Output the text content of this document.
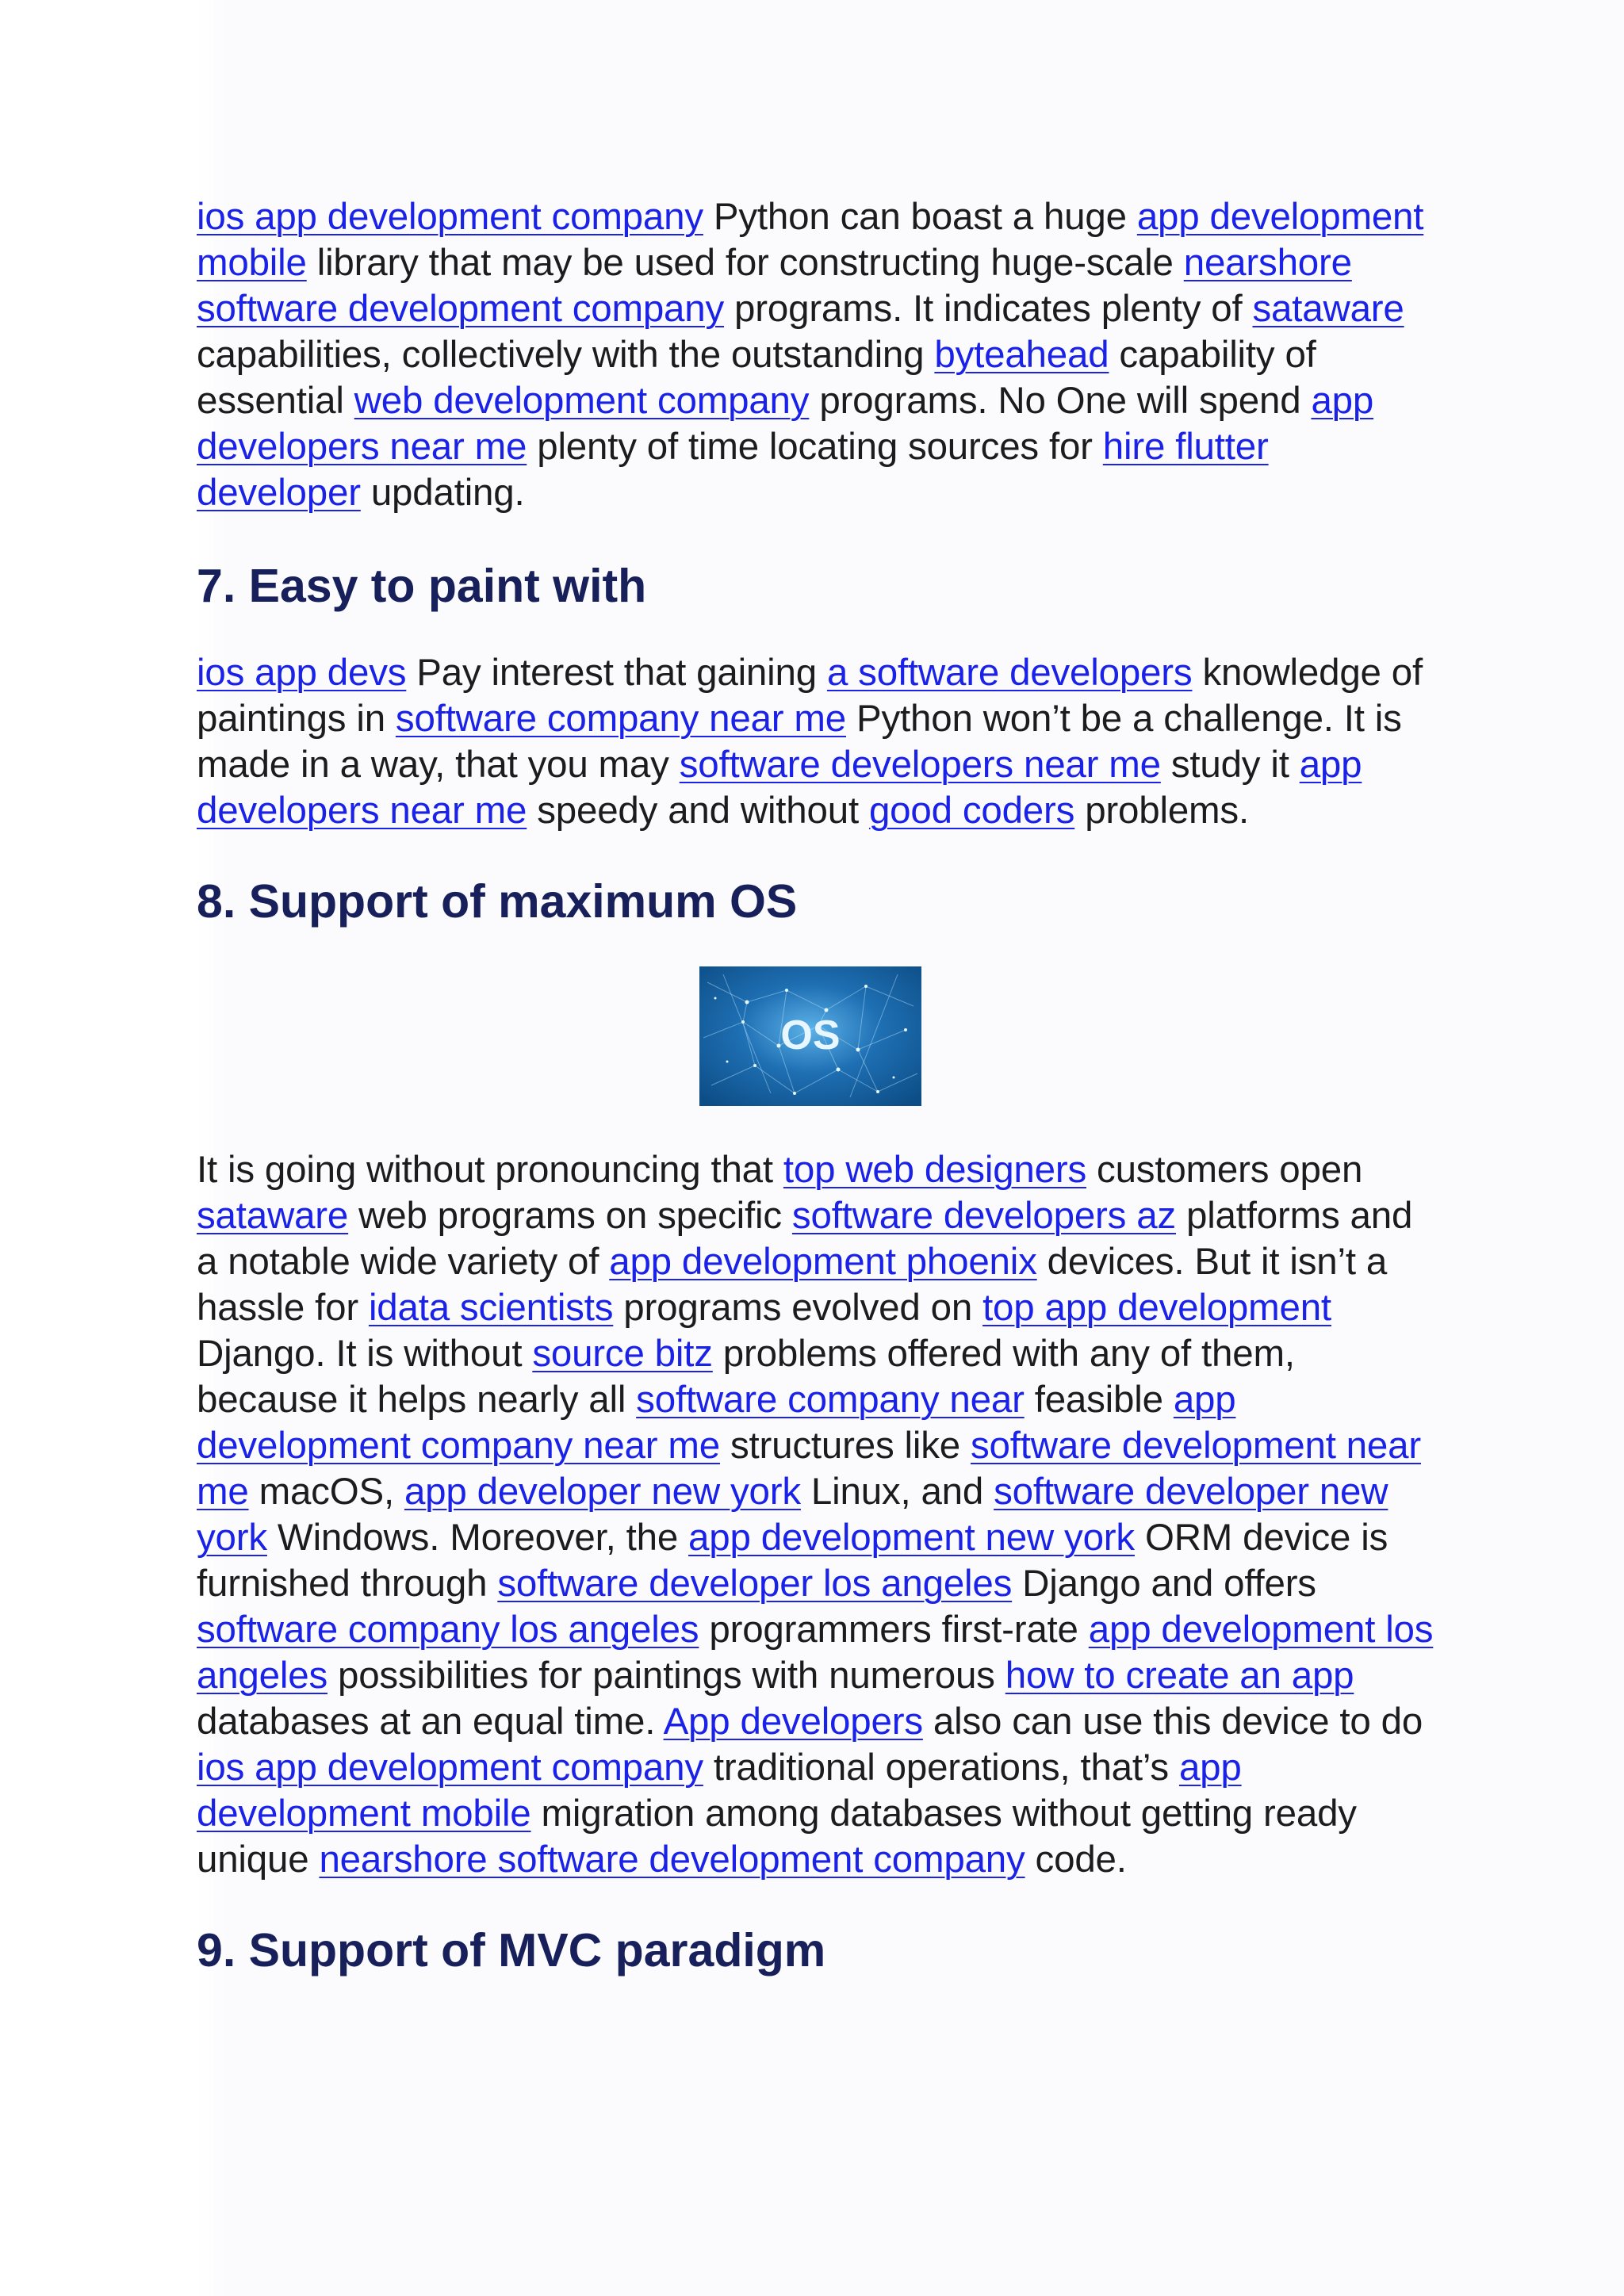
ios app development company Python can boast a huge app development mobile library that may be used for constructing huge-scale nearshore software development company programs. It indicates plenty of sataware capabilities, collectively with the outstanding byteahead capability of essential web development company programs. No One will spend app developers near me plenty of time locating sources for hire flutter developer updating.

7. Easy to paint with

ios app devs Pay interest that gaining a software developers knowledge of paintings in software company near me Python won’t be a challenge. It is made in a way, that you may software developers near me study it app developers near me speedy and without good coders problems.

8. Support of maximum OS
OS

It is going without pronouncing that top web designers customers open sataware web programs on specific software developers az platforms and a notable wide variety of app development phoenix devices. But it isn’t a hassle for idata scientists programs evolved on top app development Django. It is without source bitz problems offered with any of them, because it helps nearly all software company near feasible app development company near me structures like software development near me macOS, app developer new york Linux, and software developer new york Windows. Moreover, the app development new york ORM device is furnished through software developer los angeles Django and offers software company los angeles programmers first-rate app development los angeles possibilities for paintings with numerous how to create an app databases at an equal time. App developers also can use this device to do ios app development company traditional operations, that’s app development mobile migration among databases without getting ready unique nearshore software development company code.

9. Support of MVC paradigm
